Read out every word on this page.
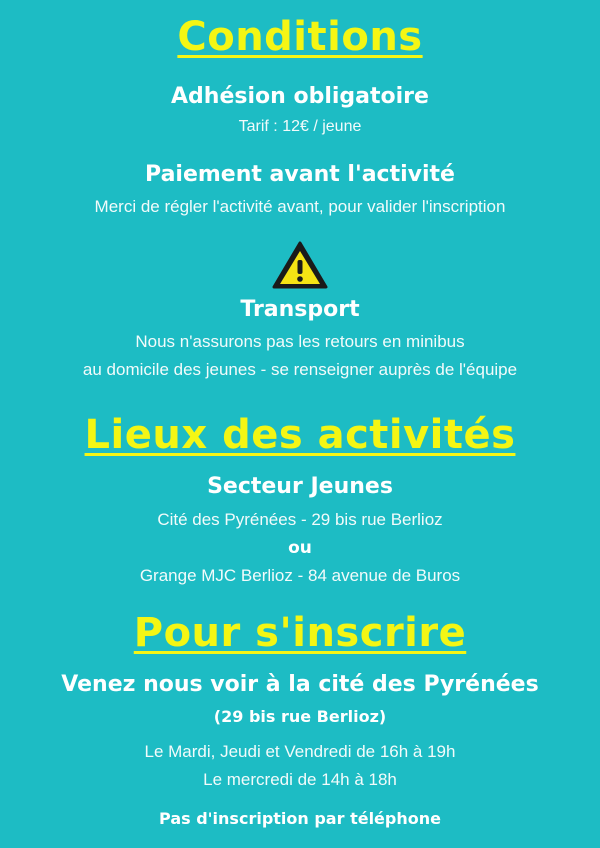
Conditions
Adhésion obligatoire
Tarif : 12€ / jeune
Paiement avant l'activité
Merci de régler l'activité avant, pour valider l'inscription
Transport
Nous n'assurons pas les retours en minibus
au domicile des jeunes - se renseigner auprès de l'équipe
Lieux des activités
Secteur Jeunes
Cité des Pyrénées - 29 bis rue Berlioz
ou
Grange MJC Berlioz - 84 avenue de Buros
Pour s'inscrire
Venez nous voir à la cité des Pyrénées
(29 bis rue Berlioz)
Le Mardi, Jeudi et Vendredi de 16h à 19h
Le mercredi de 14h à 18h
Pas d'inscription par téléphone
